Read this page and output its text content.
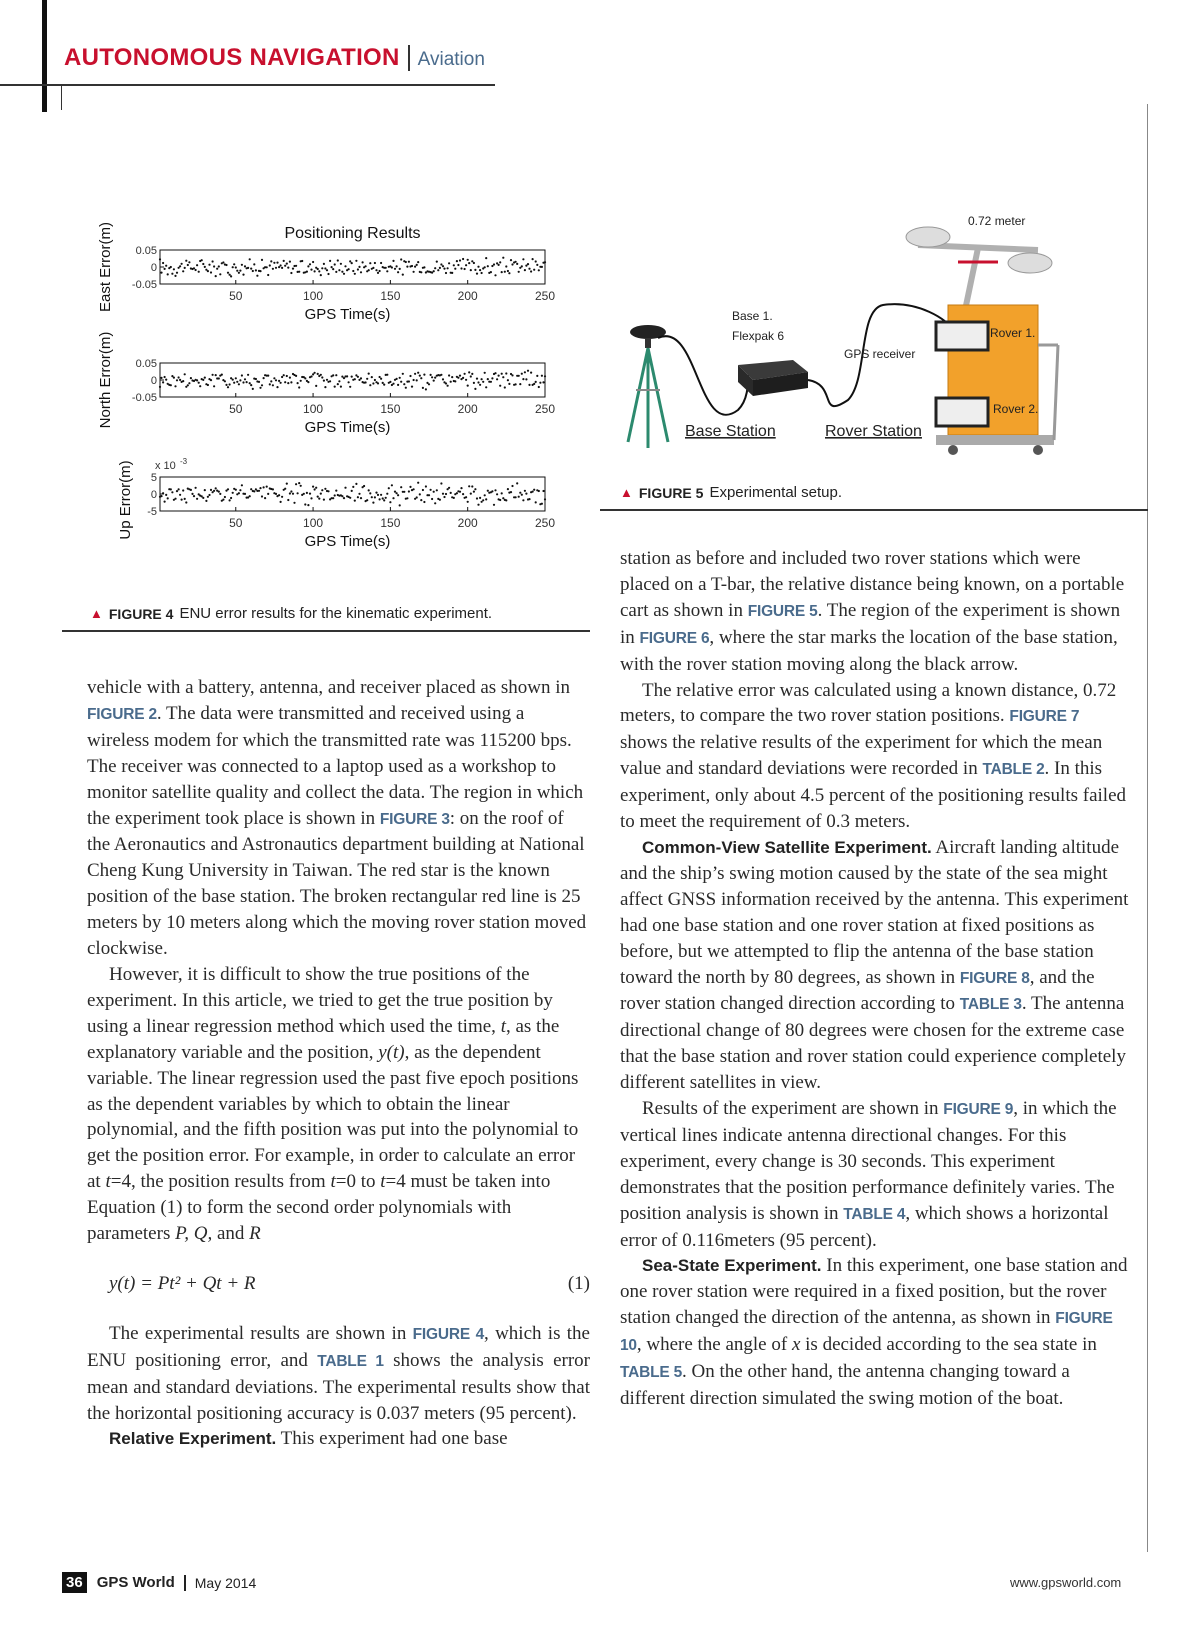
AUTONOMOUS NAVIGATION Aviation
Positioning Results
0.05
0
-0.05
50	100	150	200	250
GPS Time(s)
0.05
0
-0.05
50	100	150	200	250
GPS Time(s)
5
0
-5
50	100	150	200	250
GPS Time(s)
x 10 -3
East Error(m)
North Error(m)
Up Error(m)
▲ FIGURE 4 ENU error results for the kinematic experiment.
Base 1.
Flexpak 6
GPS receiver
Base Station	Rover Station
0.72 meter
Rover 1.
Rover 2.
▲ FIGURE 5 Experimental setup.

vehicle with a battery, antenna, and receiver placed as shown in FIGURE 2. The data were transmitted and received using a wireless modem for which the transmitted rate was 115200 bps. The receiver was connected to a laptop used as a workshop to monitor satellite quality and collect the data. The region in which the experiment took place is shown in FIGURE 3: on the roof of the Aeronautics and Astronautics department building at National Cheng Kung University in Taiwan. The red star is the known position of the base station. The broken rectangular red line is 25 meters by 10 meters along which the moving rover station moved clockwise.

However, it is difficult to show the true positions of the experiment. In this article, we tried to get the true position by using a linear regression method which used the time, t, as the explanatory variable and the position, y(t), as the dependent variable. The linear regression used the past five epoch positions as the dependent variables by which to obtain the linear polynomial, and the fifth position was put into the polynomial to get the position error. For example, in order to calculate an error at t=4, the position results from t=0 to t=4 must be taken into Equation (1) to form the second order polynomials with parameters P, Q, and R

y(t) = Pt² + Qt + R	(1)

The experimental results are shown in FIGURE 4, which is the ENU positioning error, and TABLE 1 shows the analysis error mean and standard deviations. The experimental results show that the horizontal positioning accuracy is 0.037 meters (95 percent).

Relative Experiment. This experiment had one base

station as before and included two rover stations which were placed on a T-bar, the relative distance being known, on a portable cart as shown in FIGURE 5. The region of the experiment is shown in FIGURE 6, where the star marks the location of the base station, with the rover station moving along the black arrow.

The relative error was calculated using a known distance, 0.72 meters, to compare the two rover station positions. FIGURE 7 shows the relative results of the experiment for which the mean value and standard deviations were recorded in TABLE 2. In this experiment, only about 4.5 percent of the positioning results failed to meet the requirement of 0.3 meters.

Common-View Satellite Experiment. Aircraft landing altitude and the ship’s swing motion caused by the state of the sea might affect GNSS information received by the antenna. This experiment had one base station and one rover station at fixed positions as before, but we attempted to flip the antenna of the base station toward the north by 80 degrees, as shown in FIGURE 8, and the rover station changed direction according to TABLE 3. The antenna directional change of 80 degrees were chosen for the extreme case that the base station and rover station could experience completely different satellites in view.

Results of the experiment are shown in FIGURE 9, in which the vertical lines indicate antenna directional changes. For this experiment, every change is 30 seconds. This experiment demonstrates that the position performance definitely varies. The position analysis is shown in TABLE 4, which shows a horizontal error of 0.116meters (95 percent).

Sea-State Experiment. In this experiment, one base station and one rover station were required in a fixed position, but the rover station changed the direction of the antenna, as shown in FIGURE 10, where the angle of x is decided according to the sea state in TABLE 5. On the other hand, the antenna changing toward a different direction simulated the swing motion of the boat.

36 GPS World May 2014	www.gpsworld.com
